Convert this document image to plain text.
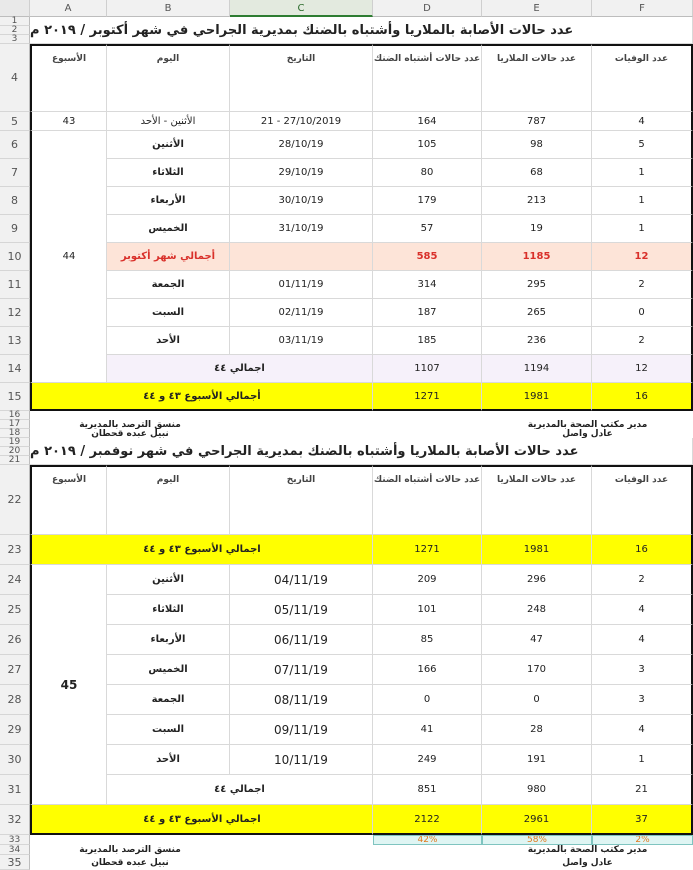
A	B	C	D	E	F
1
2
3
4
5
6
7
8
9
10
11
12
13
14
15
16
17
18
19
20
21
22
23
24
25
26
27
28
29
30
31
32
33
34
35
عدد حالات الأصابة بالملاريا وأشتباه بالضنك بمديرية الجراحي في شهر أكتوبر / ٢٠١٩ م
الأسبوع	اليوم	التاريخ	عدد حالات أشتباه الضنك	عدد حالات الملاريا	عدد الوفيات
43	الأثنين - الأحد	21 - 27/10/2019	164	787	4
44
الأثنين	28/10/19	105	98	5
الثلاثاء	29/10/19	80	68	1
الأربعاء	30/10/19	179	213	1
الخميس	31/10/19	57	19	1
أجمالي شهر أكتوبر	585	1185	12
الجمعة	01/11/19	314	295	2
السبت	02/11/19	187	265	0
الأحد	03/11/19	185	236	2
اجمالي ٤٤	1107	1194	12
أجمالي الأسبوع ٤٣ و ٤٤	1271	1981	16
مدير مكتب الصحة بالمديرية
عادل واصل
منسق الترصد بالمديرية
نبيل عبده قحطان
عدد حالات الأصابة بالملاريا وأشتباه بالضنك بمديرية الجراحي في شهر نوفمبر / ٢٠١٩ م
الأسبوع	اليوم	التاريخ	عدد حالات أشتباه الضنك	عدد حالات الملاريا	عدد الوفيات
اجمالي الأسبوع ٤٣ و ٤٤	1271	1981	16
45
الأثنين	04/11/19	209	296	2
الثلاثاء	05/11/19	101	248	4
الأربعاء	06/11/19	85	47	4
الخميس	07/11/19	166	170	3
الجمعة	08/11/19	0	0	3
السبت	09/11/19	41	28	4
الأحد	10/11/19	249	191	1
اجمالي ٤٤	851	980	21
اجمالي الأسبوع ٤٣ و ٤٤	2122	2961	37
42%	58%	2%
مدير مكتب الصحة بالمديرية
عادل واصل
منسق الترصد بالمديرية
نبيل عبده قحطان
